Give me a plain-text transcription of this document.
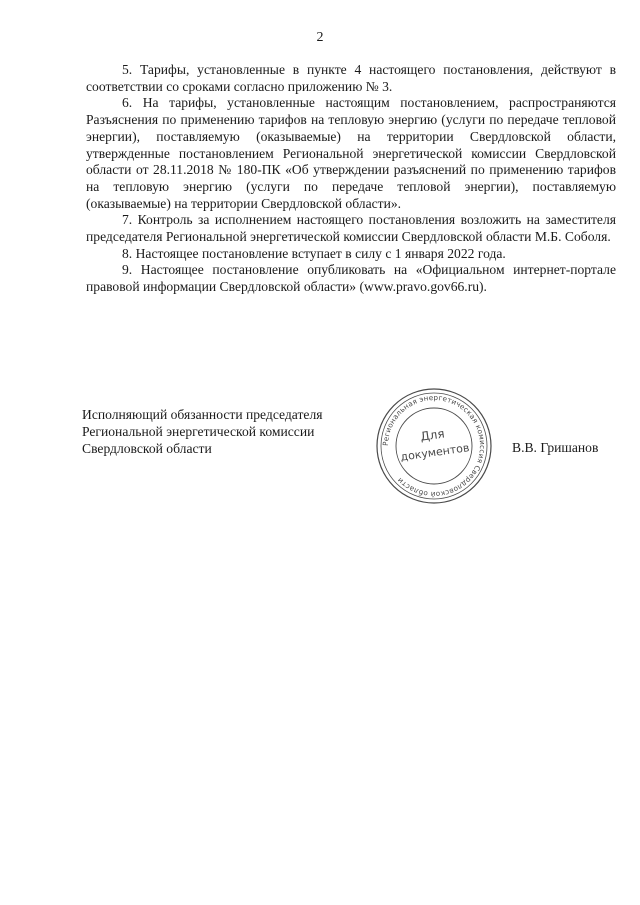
2

5. Тарифы, установленные в пункте 4 настоящего постановления, действуют в соответствии со сроками согласно приложению № 3.

6. На тарифы, установленные настоящим постановлением, распространяются Разъяснения по применению тарифов на тепловую энергию (услуги по передаче тепловой энергии), поставляемую (оказываемые) на территории Свердловской области, утвержденные постановлением Региональной энергетической комиссии Свердловской области от 28.11.2018 № 180-ПК «Об утверждении разъяснений по применению тарифов на тепловую энергию (услуги по передаче тепловой энергии), поставляемую (оказываемые) на территории Свердловской области».

7. Контроль за исполнением настоящего постановления возложить на заместителя председателя Региональной энергетической комиссии Свердловской области М.Б. Соболя.

8. Настоящее постановление вступает в силу с 1 января 2022 года.

9. Настоящее постановление опубликовать на «Официальном интернет-портале правовой информации Свердловской области» (www.pravo.gov66.ru).

Исполняющий обязанности председателя
Региональной энергетической комиссии
Свердловской области	Региональная энергетическая комиссия Свердловской области
Для
документов	В.В. Гришанов
